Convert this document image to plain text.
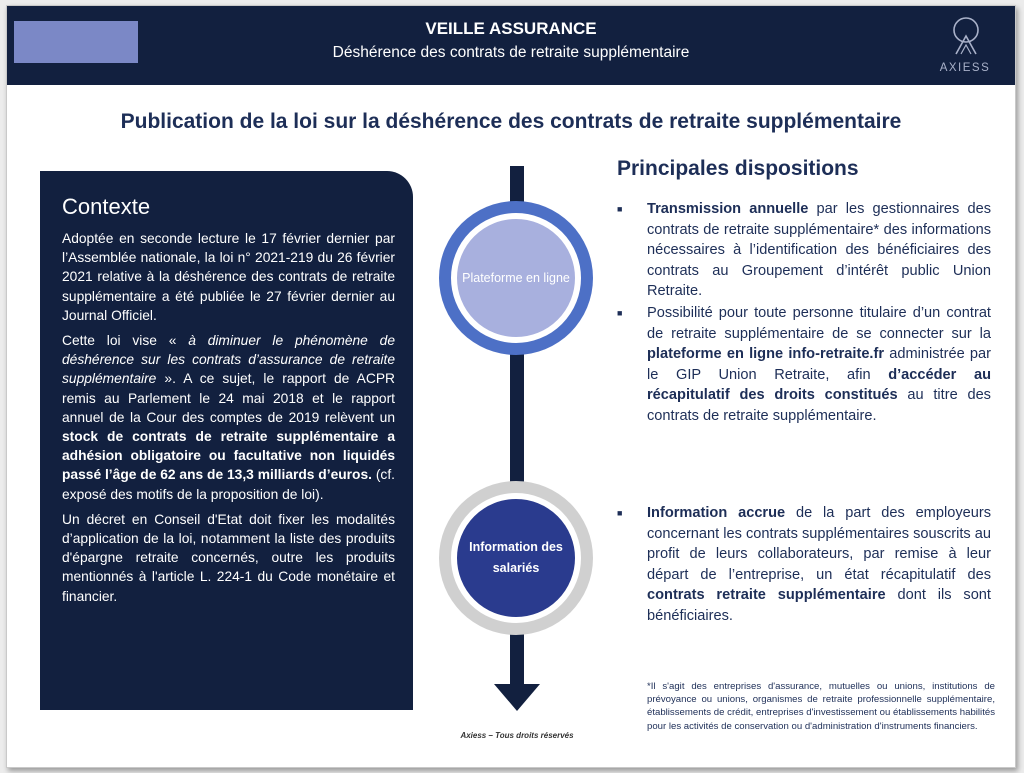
VEILLE ASSURANCE
Déshérence des contrats de retraite supplémentaire
AXIESS
Publication de la loi sur la déshérence des contrats de retraite supplémentaire
Contexte

Adoptée en seconde lecture le 17 février dernier par l’Assemblée nationale, la loi n° 2021-219 du 26 février 2021 relative à la déshérence des contrats de retraite supplémentaire a été publiée le 27 février dernier au Journal Officiel.

Cette loi vise « à diminuer le phénomène de déshérence sur les contrats d’assurance de retraite supplémentaire ». A ce sujet, le rapport de ACPR remis au Parlement le 24 mai 2018 et le rapport annuel de la Cour des comptes de 2019 relèvent un stock de contrats de retraite supplémentaire a adhésion obligatoire ou facultative non liquidés passé l’âge de 62 ans de 13,3 milliards d’euros. (cf. exposé des motifs de la proposition de loi).

Un décret en Conseil d'Etat doit fixer les modalités d’application de la loi, notamment la liste des produits d'épargne retraite concernés, outre les produits mentionnés à l'article L. 224-1 du Code monétaire et financier.

Plateforme en ligne
Information des salariés
Principales dispositions
■ Transmission annuelle par les gestionnaires des contrats de retraite supplémentaire* des informations nécessaires à l’identification des bénéficiaires des contrats au Groupement d’intérêt public Union Retraite.

■ Possibilité pour toute personne titulaire d’un contrat de retraite supplémentaire de se connecter sur la plateforme en ligne info-retraite.fr administrée par le GIP Union Retraite, afin d’accéder au récapitulatif des droits constitués au titre des contrats de retraite supplémentaire.

■ Information accrue de la part des employeurs concernant les contrats supplémentaires souscrits au profit de leurs collaborateurs, par remise à leur départ de l’entreprise, un état récapitulatif des contrats retraite supplémentaire dont ils sont bénéficiaires.

*Il s'agit des entreprises d'assurance, mutuelles ou unions, institutions de prévoyance ou unions, organismes de retraite professionnelle supplémentaire, établissements de crédit, entreprises d'investissement ou établissements habilités pour les activités de conservation ou d'administration d'instruments financiers.
Axiess – Tous droits réservés
